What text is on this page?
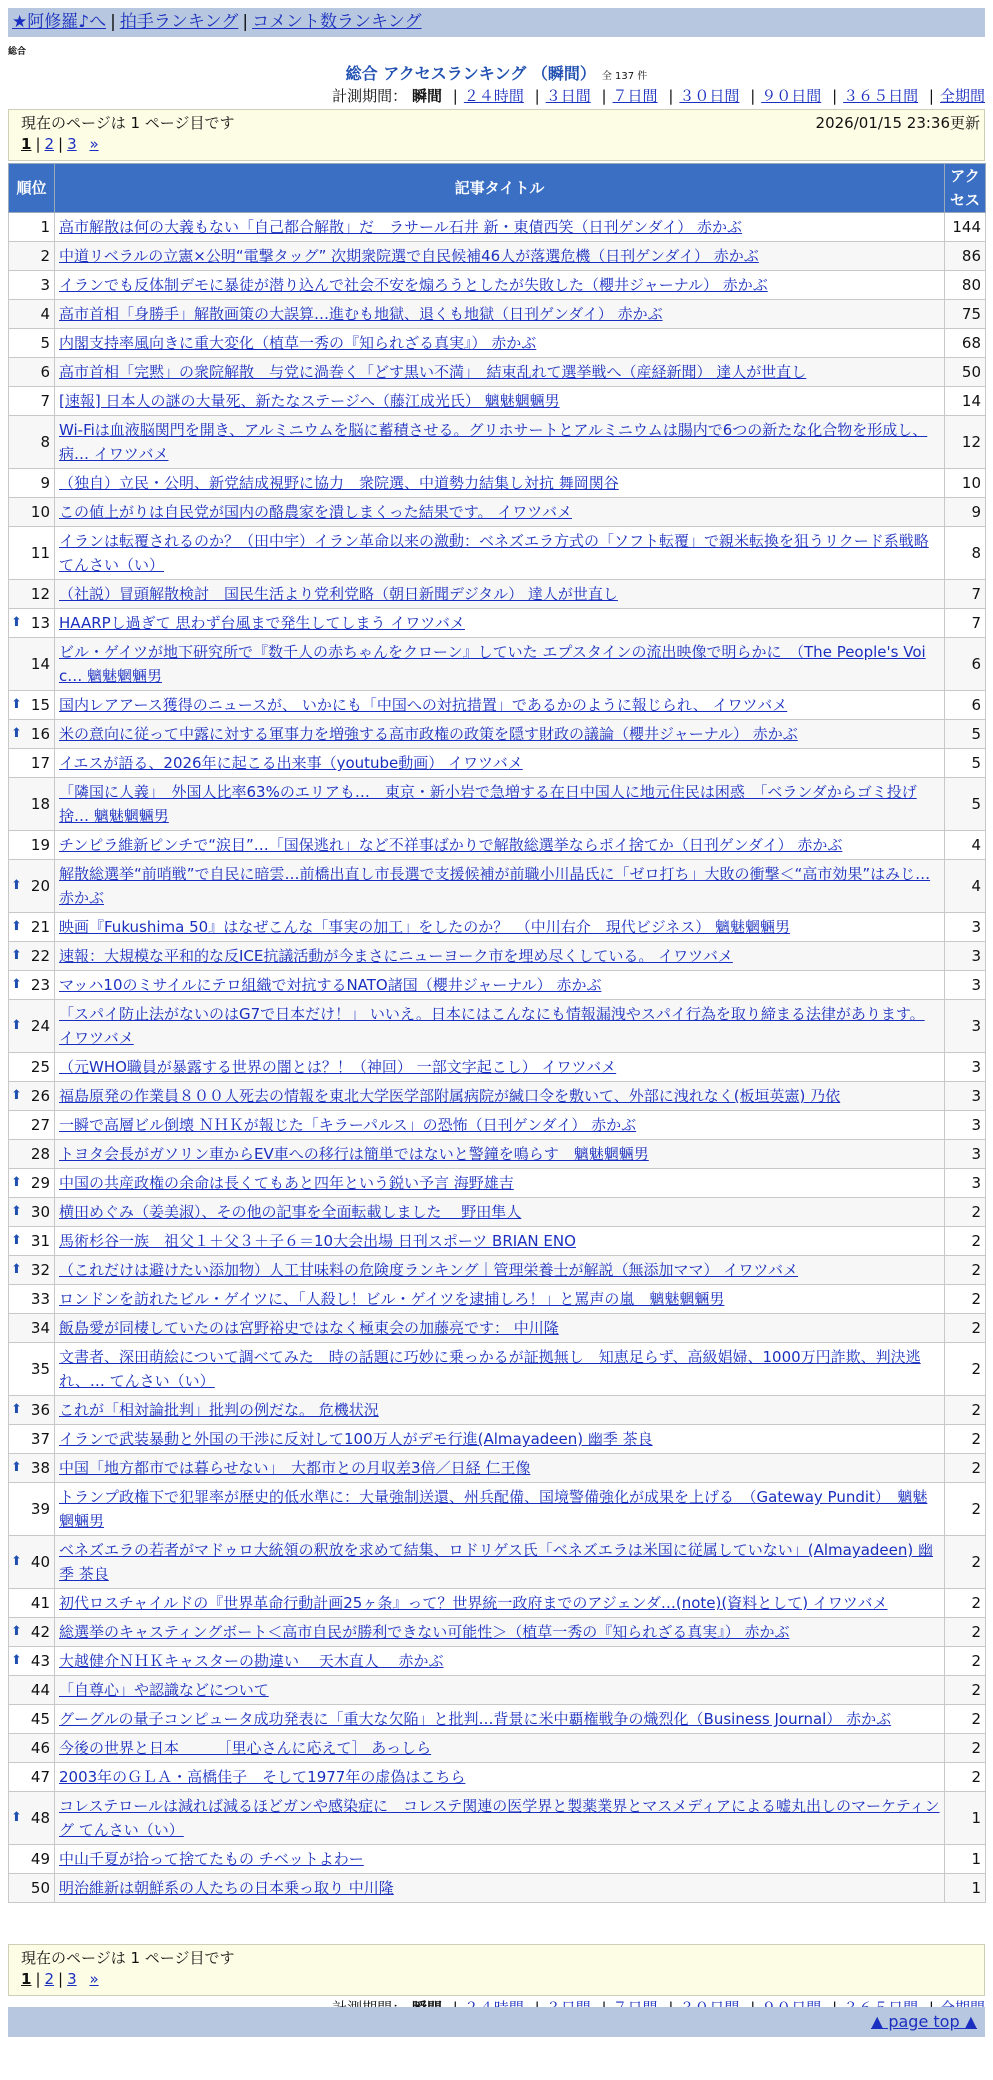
★阿修羅♪へ | 拍手ランキング | コメント数ランキング
総合
総合 アクセスランキング （瞬間） 全 137 件
計測期間： 瞬間 | ２４時間 | ３日間 | ７日間 | ３０日間 | ９０日間 | ３６５日間 | 全期間
現在のページは 1 ページ目です	2026/01/15 23:36更新
1 | 2 | 3 »
順位	記事タイトル	アクセス
1	高市解散は何の大義もない「自己都合解散」だ　ラサール石井 新・東債西笑（日刊ゲンダイ） 赤かぶ	144
2	中道リベラルの立憲×公明“電撃タッグ” 次期衆院選で自民候補46人が落選危機（日刊ゲンダイ） 赤かぶ	86
3	イランでも反体制デモに暴徒が潜り込んで社会不安を煽ろうとしたが失敗した（櫻井ジャーナル） 赤かぶ	80
4	高市首相「身勝手」解散画策の大誤算…進むも地獄、退くも地獄（日刊ゲンダイ） 赤かぶ	75
5	内閣支持率風向きに重大変化（植草一秀の『知られざる真実』） 赤かぶ	68
6	高市首相「完黙」の衆院解散　与党に渦巻く「どす黒い不満」　結束乱れて選挙戦へ（産経新聞） 達人が世直し	50
7	[速報] 日本人の謎の大量死、新たなステージへ（藤江成光氏） 魑魅魍魎男	14
8	Wi-Fiは血液脳関門を開き、アルミニウムを脳に蓄積させる。グリホサートとアルミニウムは腸内で6つの新たな化合物を形成し、病… イワツバメ	12
9	（独自）立民・公明、新党結成視野に協力　衆院選、中道勢力結集し対抗 舞岡関谷	10
10	この値上がりは自民党が国内の酪農家を潰しまくった結果です。 イワツバメ	9
11	イランは転覆されるのか？（田中宇）イラン革命以来の激動：ベネズエラ方式の「ソフト転覆」で親米転換を狙うリクード系戦略 てんさい（い）	8
12	（社説）冒頭解散検討　国民生活より党利党略（朝日新聞デジタル） 達人が世直し	7

⬆ 13	HAARPし過ぎて 思わず台風まで発生してしまう イワツバメ	7
14	ビル・ゲイツが地下研究所で『数千人の赤ちゃんをクローン』していた エプスタインの流出映像で明らかに　（The People's Voic… 魑魅魍魎男	6

⬆ 15	国内レアアース獲得のニュースが、 いかにも「中国への対抗措置」であるかのように報じられ、 イワツバメ	6

⬆ 16	米の意向に従って中露に対する軍事力を増強する高市政権の政策を隠す財政の議論（櫻井ジャーナル） 赤かぶ	5
17	イエスが語る、2026年に起こる出来事（youtube動画） イワツバメ	5
18	「隣国に人義」　外国人比率63%のエリアも…　東京・新小岩で急増する在日中国人に地元住民は困惑　「ベランダからゴミ投げ捨… 魑魅魍魎男	5
19	チンピラ維新ピンチで“涙目”…「国保逃れ」など不祥事ばかりで解散総選挙ならポイ捨てか（日刊ゲンダイ） 赤かぶ	4

⬆ 20	解散総選挙“前哨戦”で自民に暗雲…前橋出直し市長選で支援候補が前職小川晶氏に「ゼロ打ち」大敗の衝撃＜“高市効果”はみじ… 赤かぶ	4

⬆ 21	映画『Fukushima 50』はなぜこんな「事実の加工」をしたのか？　（中川右介　現代ビジネス） 魑魅魍魎男	3

⬆ 22	速報：大規模な平和的な反ICE抗議活動が今まさにニューヨーク市を埋め尽くしている。 イワツバメ	3

⬆ 23	マッハ10のミサイルにテロ組織で対抗するNATO諸国（櫻井ジャーナル） 赤かぶ	3

⬆ 24	「スパイ防止法がないのはG7で日本だけ！」 いいえ。日本にはこんなにも情報漏洩やスパイ行為を取り締まる法律があります。 イワツバメ	3
25	（元WHO職員が暴露する世界の闇とは？！（神回） 一部文字起こし） イワツバメ	3

⬆ 26	福島原発の作業員８００人死去の情報を東北大学医学部附属病院が緘口令を敷いて、外部に洩れなく(板垣英憲) 乃依	3
27	一瞬で高層ビル倒壊 ＮＨＫが報じた「キラーパルス」の恐怖（日刊ゲンダイ） 赤かぶ	3
28	トヨタ会長がガソリン車からEV車への移行は簡単ではないと警鐘を鳴らす　魑魅魍魎男	3

⬆ 29	中国の共産政権の余命は長くてもあと四年という鋭い予言 海野雄吉	3

⬆ 30	横田めぐみ（姜美淑）、その他の記事を全面転載しました　 野田隼人	2

⬆ 31	馬術杉谷一族　祖父１＋父３＋子６＝10大会出場 日刊スポーツ BRIAN ENO	2

⬆ 32	（これだけは避けたい添加物）人工甘味料の危険度ランキング｜管理栄養士が解説（無添加ママ） イワツバメ	2
33	ロンドンを訪れたビル・ゲイツに、「人殺し！ビル・ゲイツを逮捕しろ！」と罵声の嵐　魑魅魍魎男	2
34	飯島愛が同棲していたのは宮野裕史ではなく極東会の加藤亮です： 中川隆	2
35	文書者、深田萌絵について調べてみた　時の話題に巧妙に乗っかるが証拠無し　知恵足らず、高級娼婦、1000万円詐欺、判決逃れ、… てんさい（い）	2

⬆ 36	これが「相対論批判」批判の例だな。 危機状況	2
37	イランで武装暴動と外国の干渉に反対して100万人がデモ行進(Almayadeen) 幽季 茶良	2

⬆ 38	中国「地方都市では暮らせない」　大都市との月収差3倍／日経 仁王像	2
39	トランプ政権下で犯罪率が歴史的低水準に：大量強制送還、州兵配備、国境警備強化が成果を上げる　（Gateway Pundit）　魑魅魍魎男	2

⬆ 40	ベネズエラの若者がマドゥロ大統領の釈放を求めて結集、ロドリゲス氏「ベネズエラは米国に従属していない」(Almayadeen) 幽季 茶良	2
41	初代ロスチャイルドの『世界革命行動計画25ヶ条』って？世界統一政府までのアジェンダ…(note)(資料として) イワツバメ	2

⬆ 42	総選挙のキャスティングボート＜高市自民が勝利できない可能性＞（植草一秀の『知られざる真実』） 赤かぶ	2

⬆ 43	大越健介ＮＨＫキャスターの勘違い　 天木直人　 赤かぶ	2
44	「自尊心」や認識などについて	2
45	グーグルの量子コンピュータ成功発表に「重大な欠陥」と批判…背景に米中覇権戦争の熾烈化（Business Journal） 赤かぶ	2
46	今後の世界と日本　　　［里心さんに応えて］ あっしら	2
47	2003年のＧＬＡ・高橋佳子　そして1977年の虚偽はこちら	2

⬆ 48	コレステロールは減れば減るほどガンや感染症に　コレステ関連の医学界と製薬業界とマスメディアによる嘘丸出しのマーケティング てんさい（い）	1
49	中山千夏が拾って捨てたもの チベットよわー	1
50	明治維新は朝鮮系の人たちの日本乗っ取り 中川隆	1
現在のページは 1 ページ目です
1 | 2 | 3 »
▲ page top ▲
